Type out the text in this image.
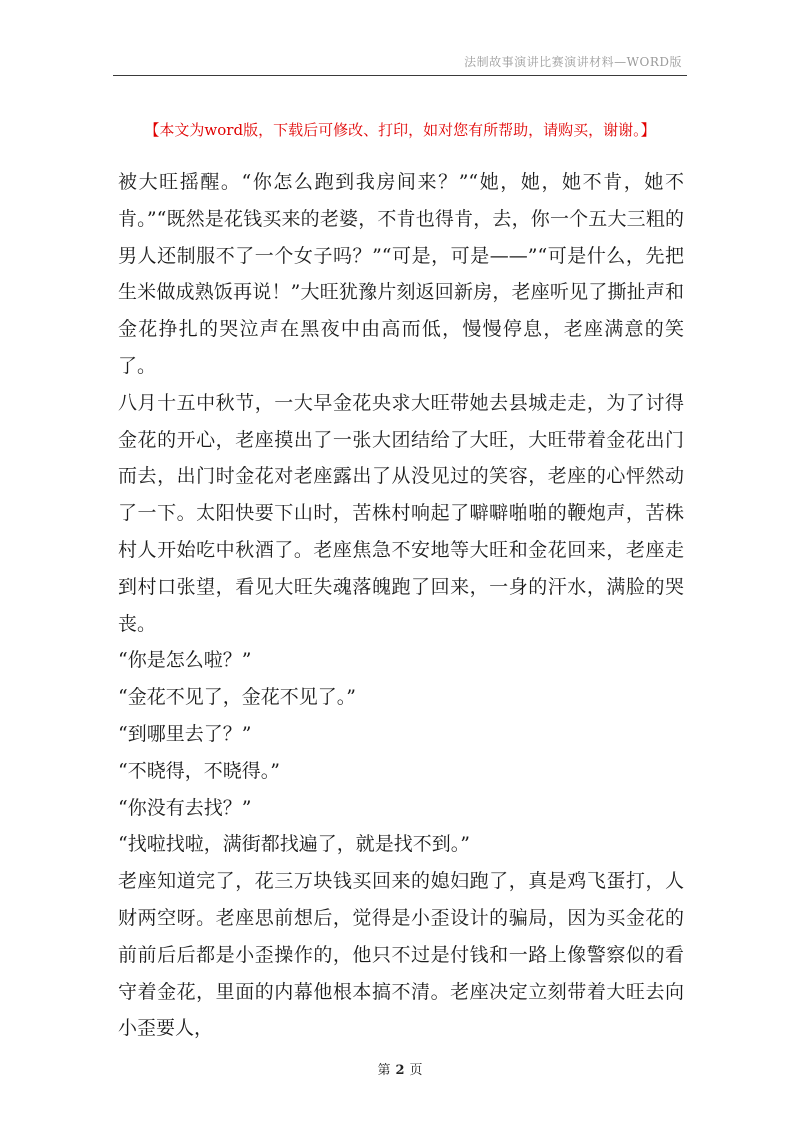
法制故事演讲比赛演讲材料—WORD版
【本文为word版，下载后可修改、打印，如对您有所帮助，请购买，谢谢。】

被大旺摇醒。“你怎么跑到我房间来？”“她，她，她不肯，她不肯。”“既然是花钱买来的老婆，不肯也得肯，去，你一个五大三粗的男人还制服不了一个女子吗？”“可是，可是——”“可是什么，先把生米做成熟饭再说！”大旺犹豫片刻返回新房，老座听见了撕扯声和金花挣扎的哭泣声在黑夜中由高而低，慢慢停息，老座满意的笑了。

八月十五中秋节，一大早金花央求大旺带她去县城走走，为了讨得金花的开心，老座摸出了一张大团结给了大旺，大旺带着金花出门而去，出门时金花对老座露出了从没见过的笑容，老座的心怦然动了一下。太阳快要下山时，苦株村响起了噼噼啪啪的鞭炮声，苦株村人开始吃中秋酒了。老座焦急不安地等大旺和金花回来，老座走到村口张望，看见大旺失魂落魄跑了回来，一身的汗水，满脸的哭丧。

“你是怎么啦？”

“金花不见了，金花不见了。”

“到哪里去了？”

“不晓得，不晓得。”

“你没有去找？”

“找啦找啦，满街都找遍了，就是找不到。”

老座知道完了，花三万块钱买回来的媳妇跑了，真是鸡飞蛋打，人财两空呀。老座思前想后，觉得是小歪设计的骗局，因为买金花的前前后后都是小歪操作的，他只不过是付钱和一路上像警察似的看守着金花，里面的内幕他根本搞不清。老座决定立刻带着大旺去向小歪要人，

第 2 页
